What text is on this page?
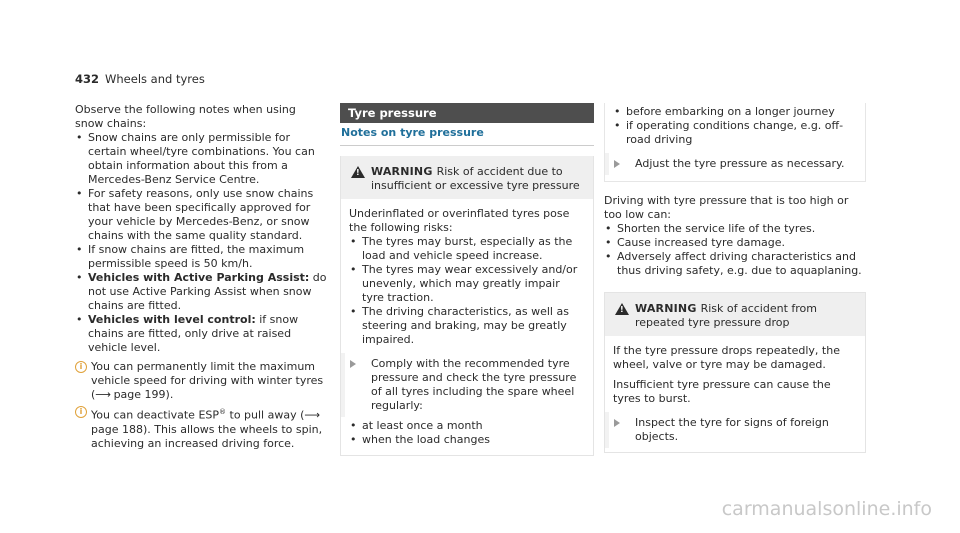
432 Wheels and tyres

Observe the following notes when using snow chains:

• Snow chains are only permissible for certain wheel/tyre combinations. You can obtain information about this from a Mercedes-Benz Service Centre.
• For safety reasons, only use snow chains that have been specifically approved for your vehicle by Mercedes-Benz, or snow chains with the same quality standard.
• If snow chains are fitted, the maximum permissible speed is 50 km/h.
• Vehicles with Active Parking Assist: do not use Active Parking Assist when snow chains are fitted.
• Vehicles with level control: if snow chains are fitted, only drive at raised vehicle level.
i You can permanently limit the maximum vehicle speed for driving with winter tyres (⟶ page 199).
i You can deactivate ESP® to pull away (⟶ page 188). This allows the wheels to spin, achieving an increased driving force.
Tyre pressure
Notes on tyre pressure
!
WARNING Risk of accident due to insufficient or excessive tyre pressure

Underinflated or overinflated tyres pose the following risks:

• The tyres may burst, especially as the load and vehicle speed increase.
• The tyres may wear excessively and/or unevenly, which may greatly impair tyre traction.
• The driving characteristics, as well as steering and braking, may be greatly impaired.
Comply with the recommended tyre pressure and check the tyre pressure of all tyres including the spare wheel regularly:
• at least once a month
• when the load changes
• before embarking on a longer journey
• if operating conditions change, e.g. off-road driving
Adjust the tyre pressure as necessary.

Driving with tyre pressure that is too high or too low can:

• Shorten the service life of the tyres.
• Cause increased tyre damage.
• Adversely affect driving characteristics and thus driving safety, e.g. due to aquaplaning.
!
WARNING Risk of accident from repeated tyre pressure drop

If the tyre pressure drops repeatedly, the wheel, valve or tyre may be damaged.

Insufficient tyre pressure can cause the tyres to burst.

Inspect the tyre for signs of foreign objects.
carmanualsonline.info
